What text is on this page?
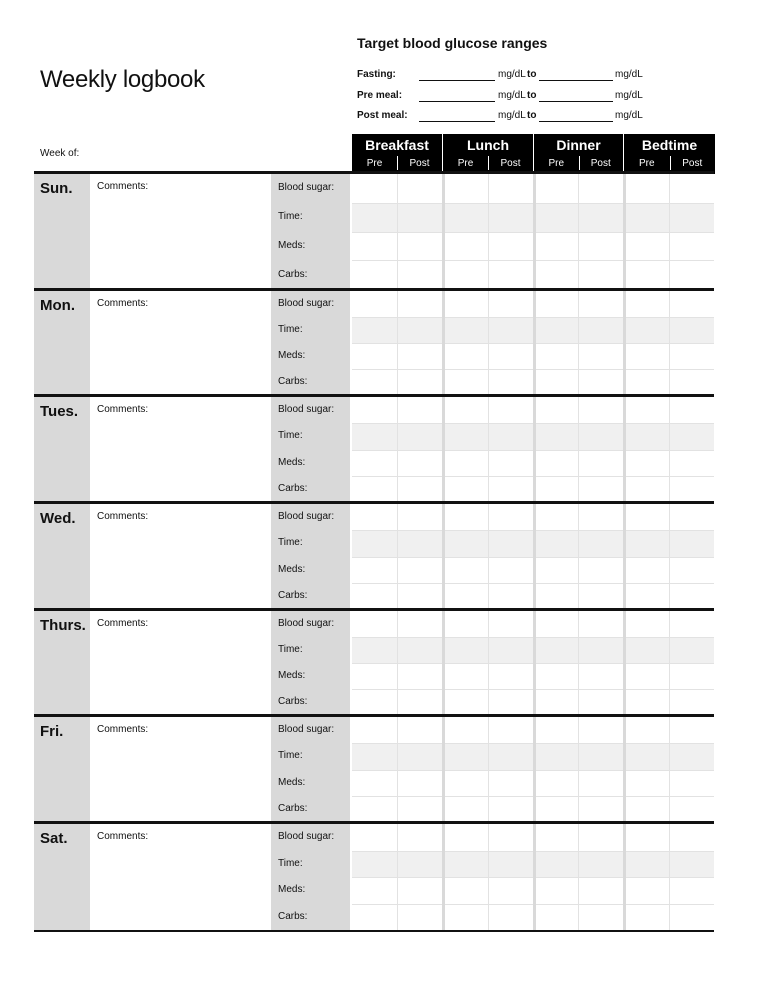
Weekly logbook
Target blood glucose ranges
Fasting:	mg/dL to	mg/dL
Pre meal:	mg/dL to	mg/dL
Post meal:	mg/dL to	mg/dL
Week of:
Breakfast
Pre	Post
Lunch
Pre	Post
Dinner
Pre	Post
Bedtime
Pre	Post
Sun. Comments:	Blood sugar:
Time:
Meds:
Carbs:
Mon. Comments:	Blood sugar:
Time:
Meds:
Carbs:
Tues. Comments:	Blood sugar:
Time:
Meds:
Carbs:
Wed. Comments:	Blood sugar:
Time:
Meds:
Carbs:
Thurs. Comments:	Blood sugar:
Time:
Meds:
Carbs:
Fri.	Comments:	Blood sugar:
Time:
Meds:
Carbs:
Sat.	Comments:	Blood sugar:
Time:
Meds:
Carbs:
